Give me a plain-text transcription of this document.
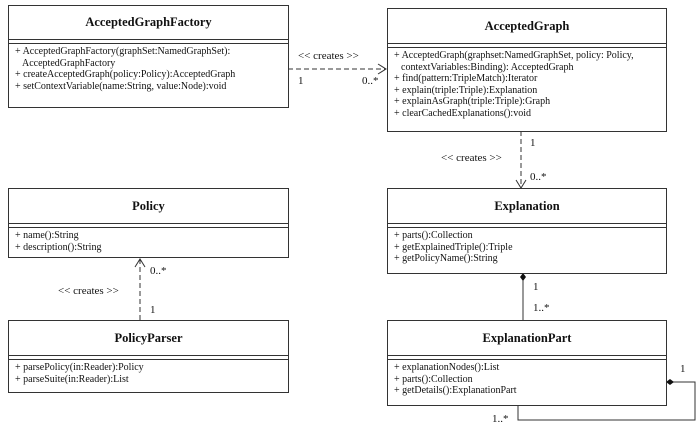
AcceptedGraphFactory
+ AcceptedGraphFactory(graphSet:NamedGraphSet): AcceptedGraphFactory
+ createAcceptedGraph(policy:Policy):AcceptedGraph
+ setContextVariable(name:String, value:Node):void
AcceptedGraph
+ AcceptedGraph(graphset:NamedGraphSet, policy: Policy, contextVariables:Binding): AcceptedGraph
+ find(pattern:TripleMatch):Iterator
+ explain(triple:Triple):Explanation
+ explainAsGraph(triple:Triple):Graph
+ clearCachedExplanations():void
Policy
+ name():String
+ description():String
Explanation
+ parts():Collection
+ getExplainedTriple():Triple
+ getPolicyName():String
PolicyParser
+ parsePolicy(in:Reader):Policy
+ parseSuite(in:Reader):List
ExplanationPart
+ explanationNodes():List
+ parts():Collection
+ getDetails():ExplanationPart
<< creates >>
1	0..*
1
<< creates >>
0..*
0..*
<< creates >>
1
1
1..*
1
1..*
